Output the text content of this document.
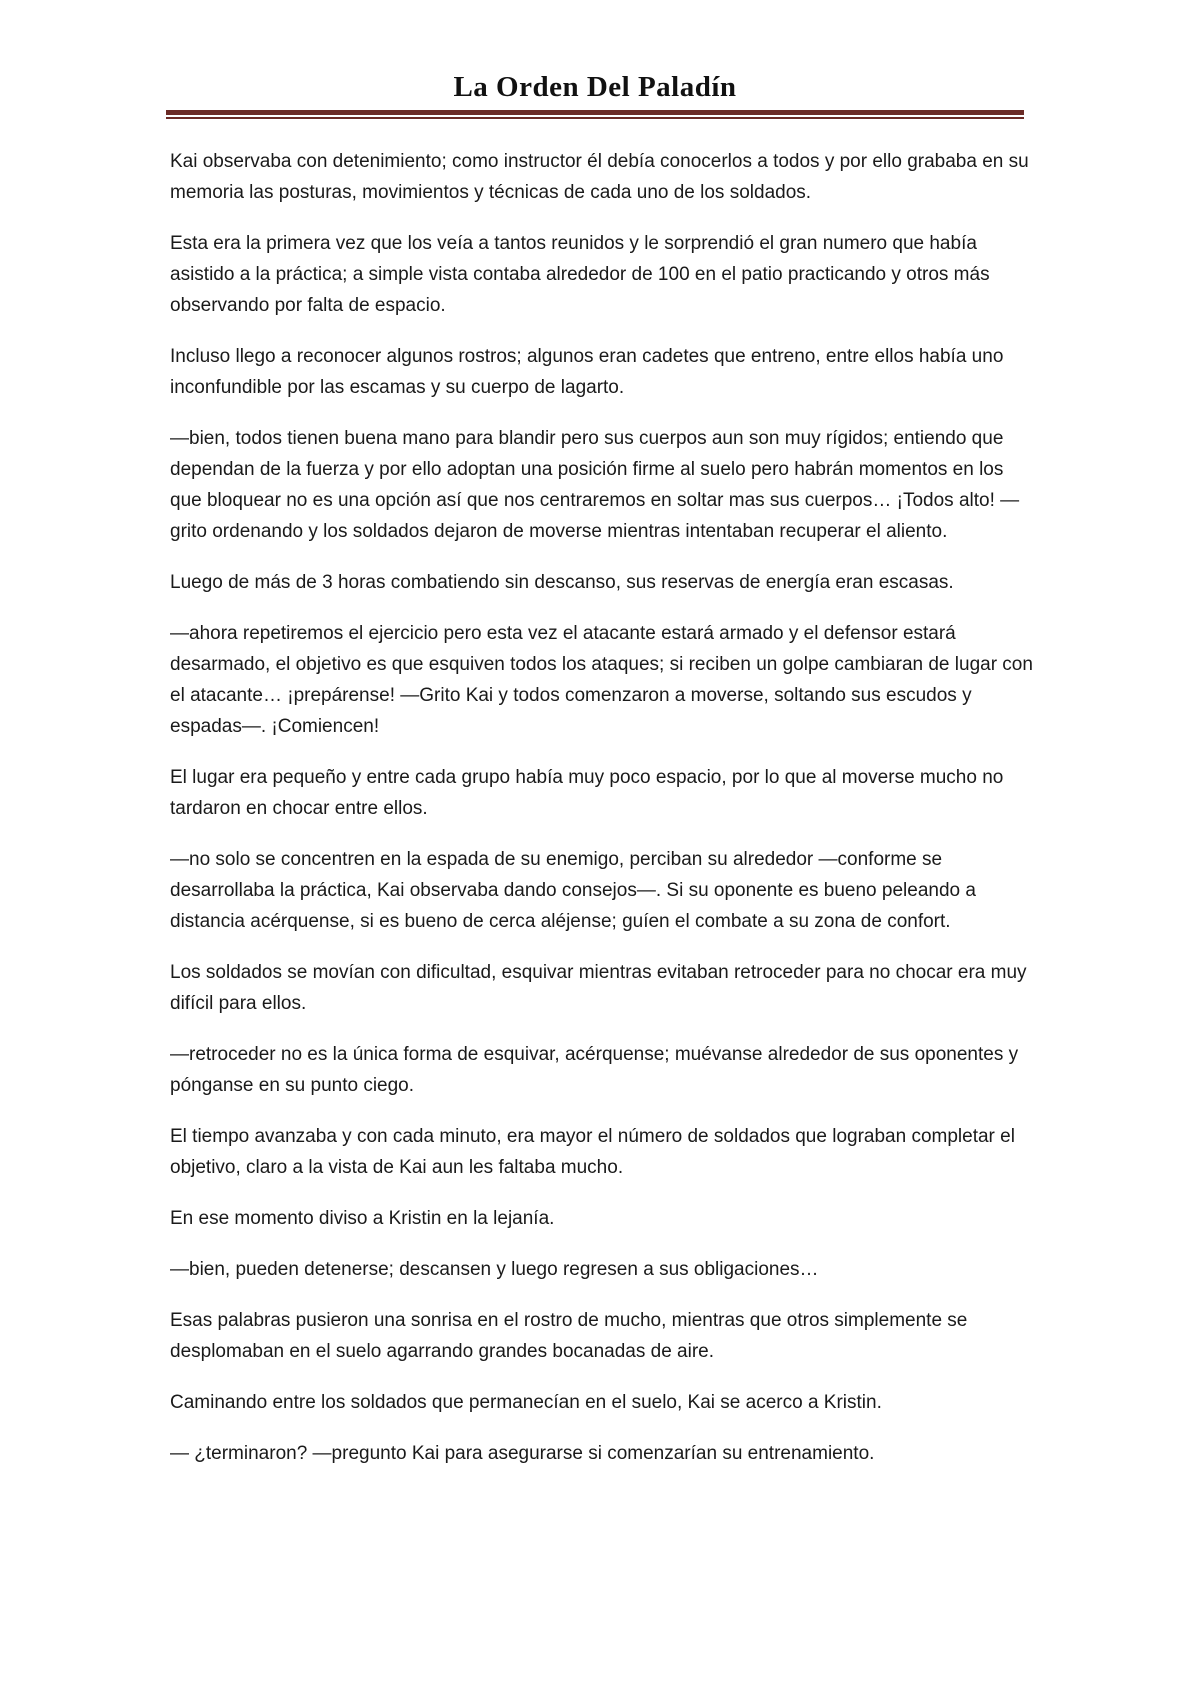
La Orden Del Paladín

Kai observaba con detenimiento; como instructor él debía conocerlos a todos y por ello grababa en su memoria las posturas, movimientos y técnicas de cada uno de los soldados.

Esta era la primera vez que los veía a tantos reunidos y le sorprendió el gran numero que había asistido a la práctica; a simple vista contaba alrededor de 100 en el patio practicando y otros más observando por falta de espacio.

Incluso llego a reconocer algunos rostros; algunos eran cadetes que entreno, entre ellos había uno inconfundible por las escamas y su cuerpo de lagarto.

—bien, todos tienen buena mano para blandir pero sus cuerpos aun son muy rígidos; entiendo que dependan de la fuerza y por ello adoptan una posición firme al suelo pero habrán momentos en los que bloquear no es una opción así que nos centraremos en soltar mas sus cuerpos… ¡Todos alto! —grito ordenando y los soldados dejaron de moverse mientras intentaban recuperar el aliento.

Luego de más de 3 horas combatiendo sin descanso, sus reservas de energía eran escasas.

—ahora repetiremos el ejercicio pero esta vez el atacante estará armado y el defensor estará desarmado, el objetivo es que esquiven todos los ataques; si reciben un golpe cambiaran de lugar con el atacante… ¡prepárense! —Grito Kai y todos comenzaron a moverse, soltando sus escudos y espadas—. ¡Comiencen!

El lugar era pequeño y entre cada grupo había muy poco espacio, por lo que al moverse mucho no tardaron en chocar entre ellos.

—no solo se concentren en la espada de su enemigo, perciban su alrededor —conforme se desarrollaba la práctica, Kai observaba dando consejos—. Si su oponente es bueno peleando a distancia acérquense, si es bueno de cerca aléjense; guíen el combate a su zona de confort.

Los soldados se movían con dificultad, esquivar mientras evitaban retroceder para no chocar era muy difícil para ellos.

—retroceder no es la única forma de esquivar, acérquense; muévanse alrededor de sus oponentes y pónganse en su punto ciego.

El tiempo avanzaba y con cada minuto, era mayor el número de soldados que lograban completar el objetivo, claro a la vista de Kai aun les faltaba mucho.

En ese momento diviso a Kristin en la lejanía.

—bien, pueden detenerse; descansen y luego regresen a sus obligaciones…

Esas palabras pusieron una sonrisa en el rostro de mucho, mientras que otros simplemente se desplomaban en el suelo agarrando grandes bocanadas de aire.

Caminando entre los soldados que permanecían en el suelo, Kai se acerco a Kristin.

— ¿terminaron? —pregunto Kai para asegurarse si comenzarían su entrenamiento.
